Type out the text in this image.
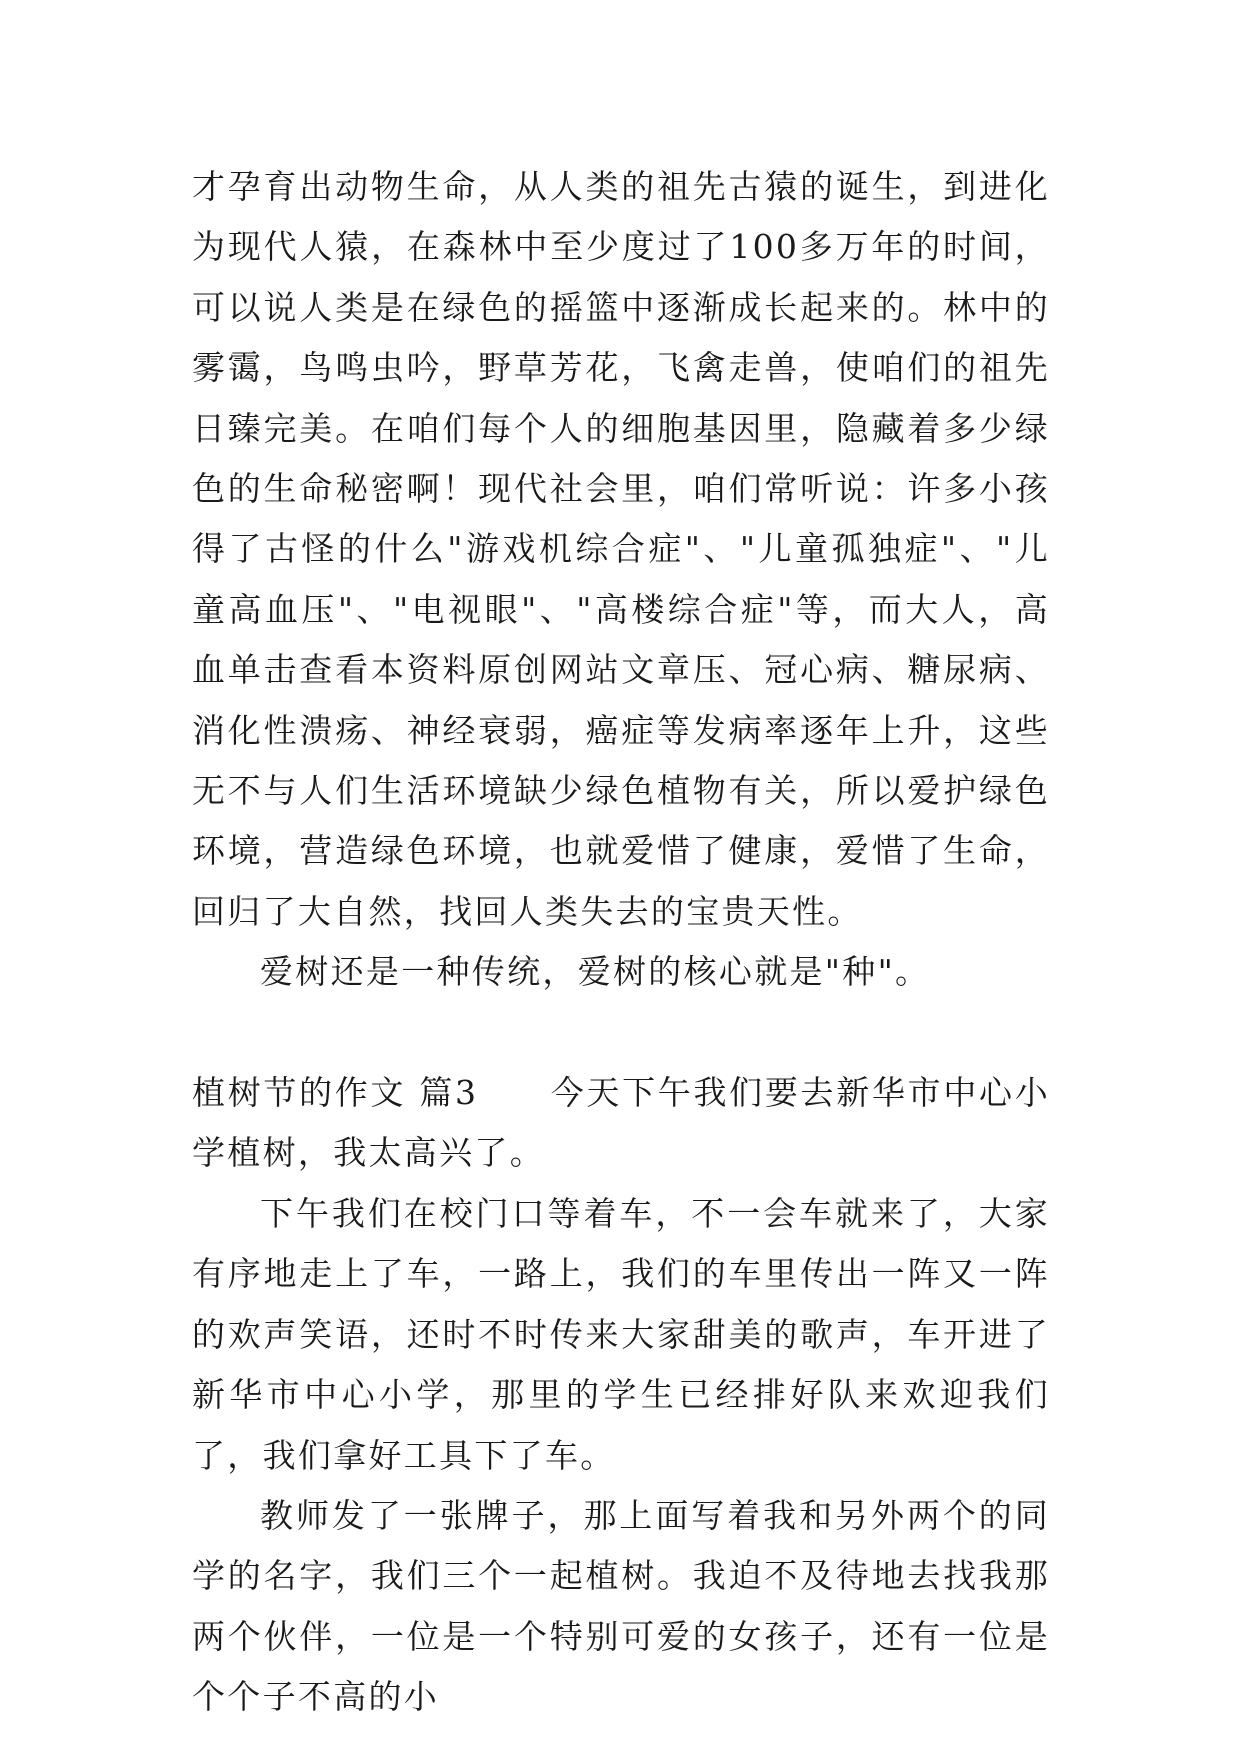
才孕育出动物生命，从人类的祖先古猿的诞生，到进化为现代人猿，在森林中至少度过了100多万年的时间，可以说人类是在绿色的摇篮中逐渐成长起来的。林中的雾霭，鸟鸣虫吟，野草芳花，飞禽走兽，使咱们的祖先日臻完美。在咱们每个人的细胞基因里，隐藏着多少绿色的生命秘密啊！现代社会里，咱们常听说：许多小孩得了古怪的什么"游戏机综合症"、"儿童孤独症"、"儿童高血压"、"电视眼"、"高楼综合症"等，而大人，高血单击查看本资料原创网站文章压、冠心病、糖尿病、消化性溃疡、神经衰弱，癌症等发病率逐年上升，这些无不与人们生活环境缺少绿色植物有关，所以爱护绿色环境，营造绿色环境，也就爱惜了健康，爱惜了生命，回归了大自然，找回人类失去的宝贵天性。

爱树还是一种传统，爱树的核心就是"种"。

植树节的作文 篇3 今天下午我们要去新华市中心小学植树，我太高兴了。

下午我们在校门口等着车，不一会车就来了，大家有序地走上了车，一路上，我们的车里传出一阵又一阵的欢声笑语，还时不时传来大家甜美的歌声，车开进了新华市中心小学，那里的学生已经排好队来欢迎我们了，我们拿好工具下了车。

教师发了一张牌子，那上面写着我和另外两个的同学的名字，我们三个一起植树。我迫不及待地去找我那两个伙伴，一位是一个特别可爱的女孩子，还有一位是个个子不高的小
